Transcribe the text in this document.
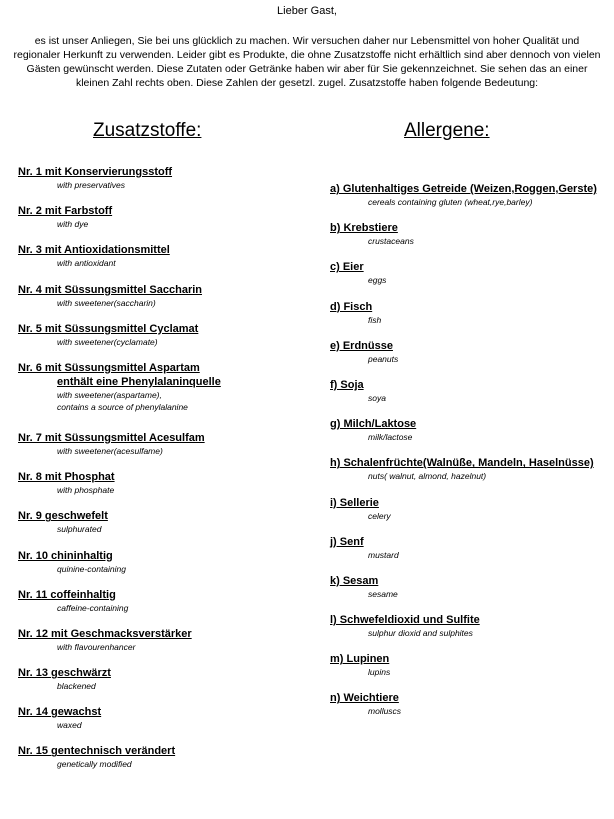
Lieber Gast,
es ist unser Anliegen, Sie bei uns glücklich zu machen. Wir versuchen daher nur Lebensmittel von hoher Qualität und regionaler Herkunft zu verwenden. Leider gibt es Produkte, die ohne Zusatzstoffe nicht erhältlich sind aber dennoch von vielen Gästen gewünscht werden. Diese Zutaten oder Getränke haben wir aber für Sie gekennzeichnet. Sie sehen das an einer kleinen Zahl rechts oben. Diese Zahlen der gesetzl. zugel. Zusatzstoffe haben folgende Bedeutung:
Zusatzstoffe:	Allergene:
Nr. 1 mit Konservierungsstoff
with preservatives
Nr. 2 mit Farbstoff
with dye
Nr. 3 mit Antioxidationsmittel
with antioxidant
Nr. 4 mit Süssungsmittel Saccharin
with sweetener(saccharin)
Nr. 5 mit Süssungsmittel Cyclamat
with sweetener(cyclamate)
Nr. 6 mit Süssungsmittel Aspartam
enthält eine Phenylalaninquelle
with sweetener(aspartame),
contains a source of phenylalanine
Nr. 7 mit Süssungsmittel Acesulfam
with sweetener(acesulfame)
Nr. 8 mit Phosphat
with phosphate
Nr. 9 geschwefelt
sulphurated
Nr. 10 chininhaltig
quinine-containing
Nr. 11 coffeinhaltig
caffeine-containing
Nr. 12 mit Geschmacksverstärker
with flavourenhancer
Nr. 13 geschwärzt
blackened
Nr. 14 gewachst
waxed
Nr. 15 gentechnisch verändert
genetically modified
a) Glutenhaltiges Getreide (Weizen,Roggen,Gerste)
cereals containing gluten (wheat,rye,barley)
b) Krebstiere
crustaceans
c) Eier
eggs
d) Fisch
fish
e) Erdnüsse
peanuts
f) Soja
soya
g) Milch/Laktose
milk/lactose
h) Schalenfrüchte(Walnüße, Mandeln, Haselnüsse)
nuts( walnut, almond, hazelnut)
i) Sellerie
celery
j) Senf
mustard
k) Sesam
sesame
l) Schwefeldioxid und Sulfite
sulphur dioxid and sulphites
m) Lupinen
lupins
n) Weichtiere
molluscs
